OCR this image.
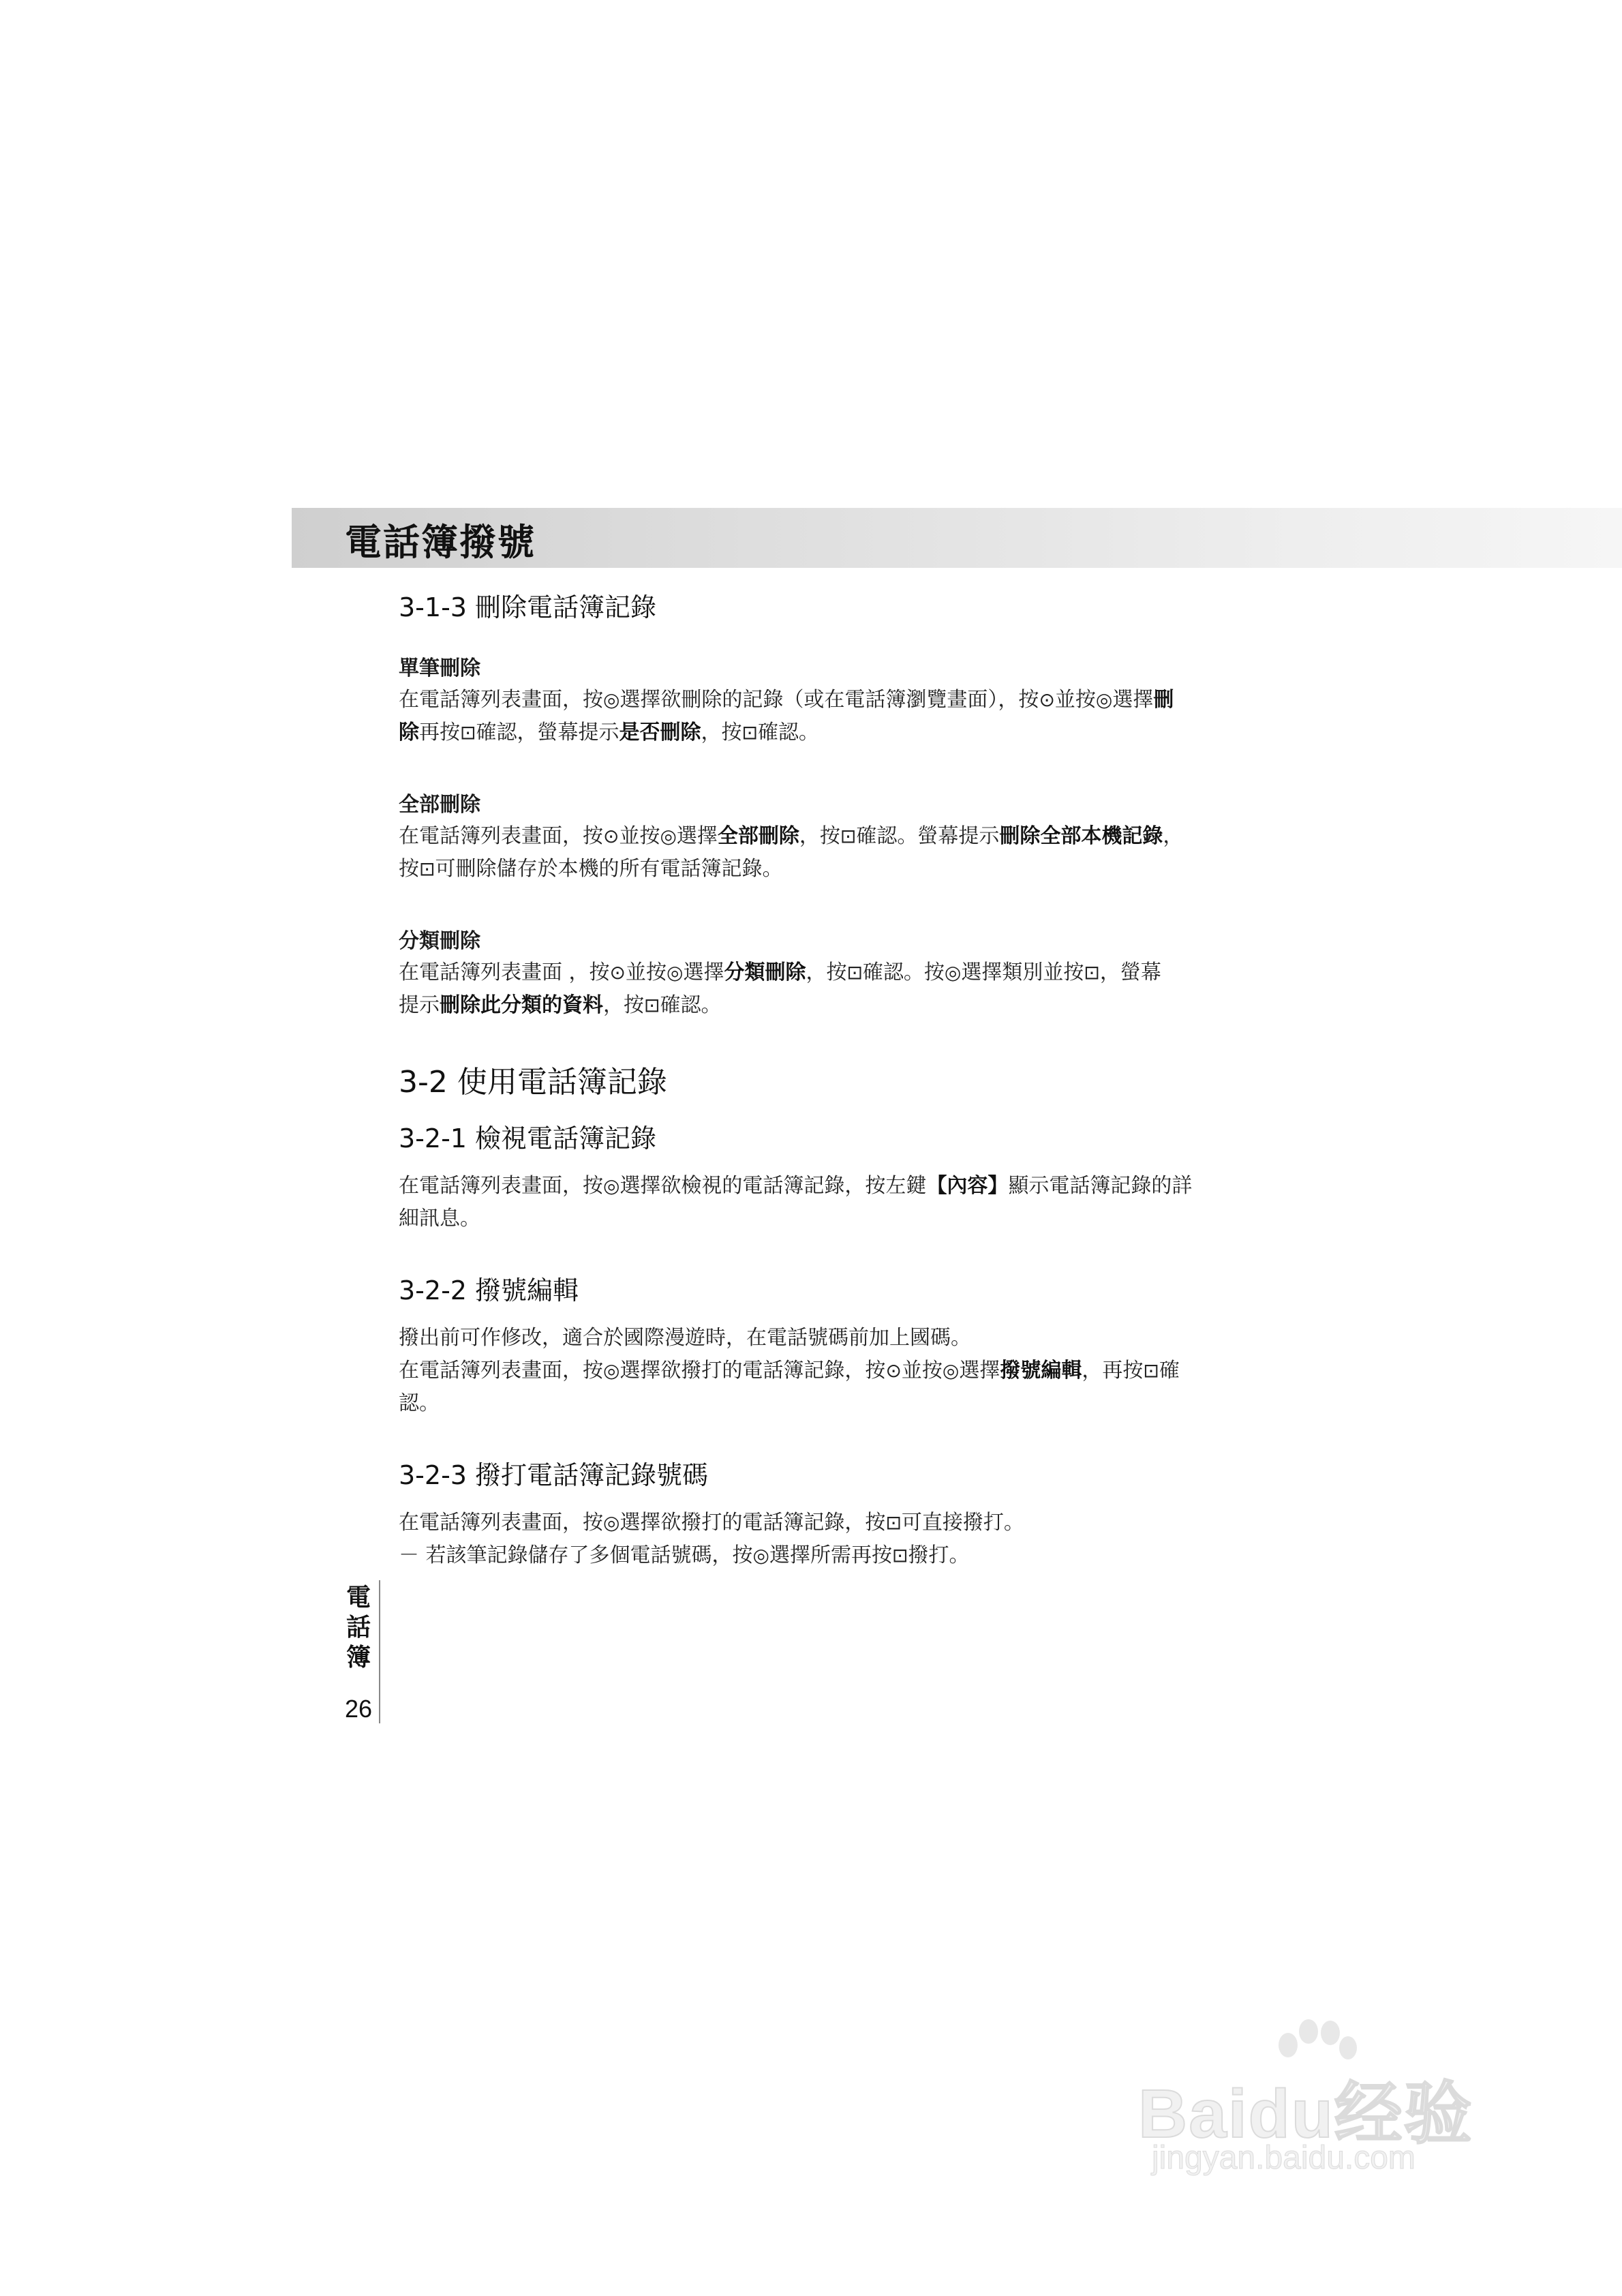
電話簿撥號
3-1-3 刪除電話簿記錄
單筆刪除

在電話簿列表畫面，按◎選擇欲刪除的記錄（或在電話簿瀏覽畫面），按⊙並按◎選擇刪
除再按⊡確認，螢幕提示是否刪除，按⊡確認。

全部刪除

在電話簿列表畫面，按⊙並按◎選擇全部刪除，按⊡確認。螢幕提示刪除全部本機記錄，
按⊡可刪除儲存於本機的所有電話簿記錄。

分類刪除

在電話簿列表畫面 ，按⊙並按◎選擇分類刪除，按⊡確認。按◎選擇類別並按⊡，螢幕
提示刪除此分類的資料，按⊡確認。

3-2 使用電話簿記錄
3-2-1 檢視電話簿記錄

在電話簿列表畫面，按◎選擇欲檢視的電話簿記錄，按左鍵【內容】顯示電話簿記錄的詳
細訊息。

3-2-2 撥號編輯

撥出前可作修改，適合於國際漫遊時，在電話號碼前加上國碼。
在電話簿列表畫面，按◎選擇欲撥打的電話簿記錄，按⊙並按◎選擇撥號編輯，再按⊡確
認。

3-2-3 撥打電話簿記錄號碼

在電話簿列表畫面，按◎選擇欲撥打的電話簿記錄，按⊡可直接撥打。
－ 若該筆記錄儲存了多個電話號碼，按◎選擇所需再按⊡撥打。

電話簿
26
Baidu经验
jingyan.baidu.com
